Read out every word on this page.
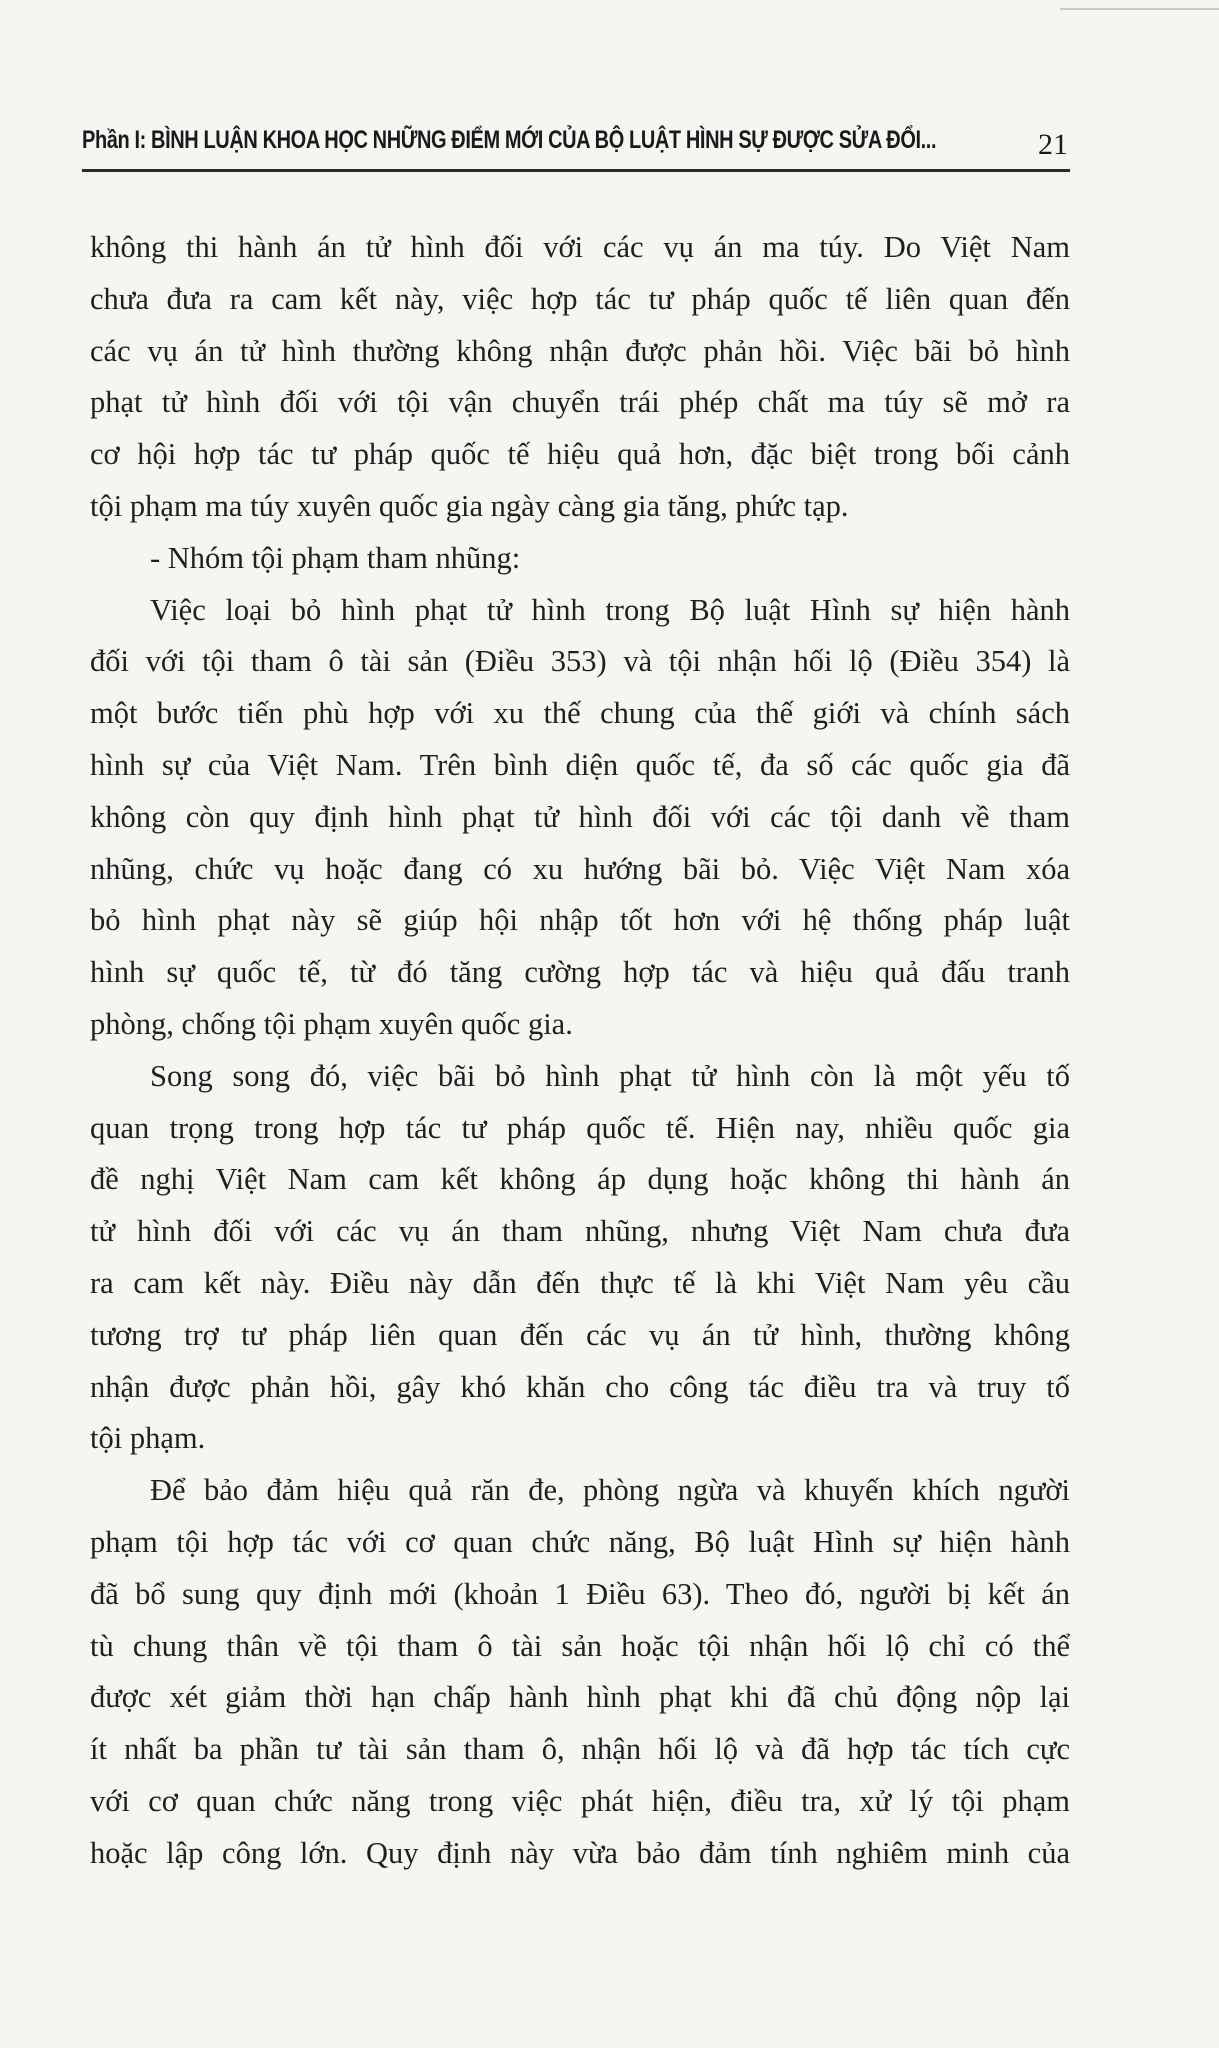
Phần I: BÌNH LUẬN KHOA HỌC NHỮNG ĐIỂM MỚI CỦA BỘ LUẬT HÌNH SỰ ĐƯỢC SỬA ĐỔI...	21
không thi hành án tử hình đối với các vụ án ma túy. Do Việt Nam
chưa đưa ra cam kết này, việc hợp tác tư pháp quốc tế liên quan đến
các vụ án tử hình thường không nhận được phản hồi. Việc bãi bỏ hình
phạt tử hình đối với tội vận chuyển trái phép chất ma túy sẽ mở ra
cơ hội hợp tác tư pháp quốc tế hiệu quả hơn, đặc biệt trong bối cảnh
tội phạm ma túy xuyên quốc gia ngày càng gia tăng, phức tạp.
- Nhóm tội phạm tham nhũng:
Việc loại bỏ hình phạt tử hình trong Bộ luật Hình sự hiện hành
đối với tội tham ô tài sản (Điều 353) và tội nhận hối lộ (Điều 354) là
một bước tiến phù hợp với xu thế chung của thế giới và chính sách
hình sự của Việt Nam. Trên bình diện quốc tế, đa số các quốc gia đã
không còn quy định hình phạt tử hình đối với các tội danh về tham
nhũng, chức vụ hoặc đang có xu hướng bãi bỏ. Việc Việt Nam xóa
bỏ hình phạt này sẽ giúp hội nhập tốt hơn với hệ thống pháp luật
hình sự quốc tế, từ đó tăng cường hợp tác và hiệu quả đấu tranh
phòng, chống tội phạm xuyên quốc gia.
Song song đó, việc bãi bỏ hình phạt tử hình còn là một yếu tố
quan trọng trong hợp tác tư pháp quốc tế. Hiện nay, nhiều quốc gia
đề nghị Việt Nam cam kết không áp dụng hoặc không thi hành án
tử hình đối với các vụ án tham nhũng, nhưng Việt Nam chưa đưa
ra cam kết này. Điều này dẫn đến thực tế là khi Việt Nam yêu cầu
tương trợ tư pháp liên quan đến các vụ án tử hình, thường không
nhận được phản hồi, gây khó khăn cho công tác điều tra và truy tố
tội phạm.
Để bảo đảm hiệu quả răn đe, phòng ngừa và khuyến khích người
phạm tội hợp tác với cơ quan chức năng, Bộ luật Hình sự hiện hành
đã bổ sung quy định mới (khoản 1 Điều 63). Theo đó, người bị kết án
tù chung thân về tội tham ô tài sản hoặc tội nhận hối lộ chỉ có thể
được xét giảm thời hạn chấp hành hình phạt khi đã chủ động nộp lại
ít nhất ba phần tư tài sản tham ô, nhận hối lộ và đã hợp tác tích cực
với cơ quan chức năng trong việc phát hiện, điều tra, xử lý tội phạm
hoặc lập công lớn. Quy định này vừa bảo đảm tính nghiêm minh của
